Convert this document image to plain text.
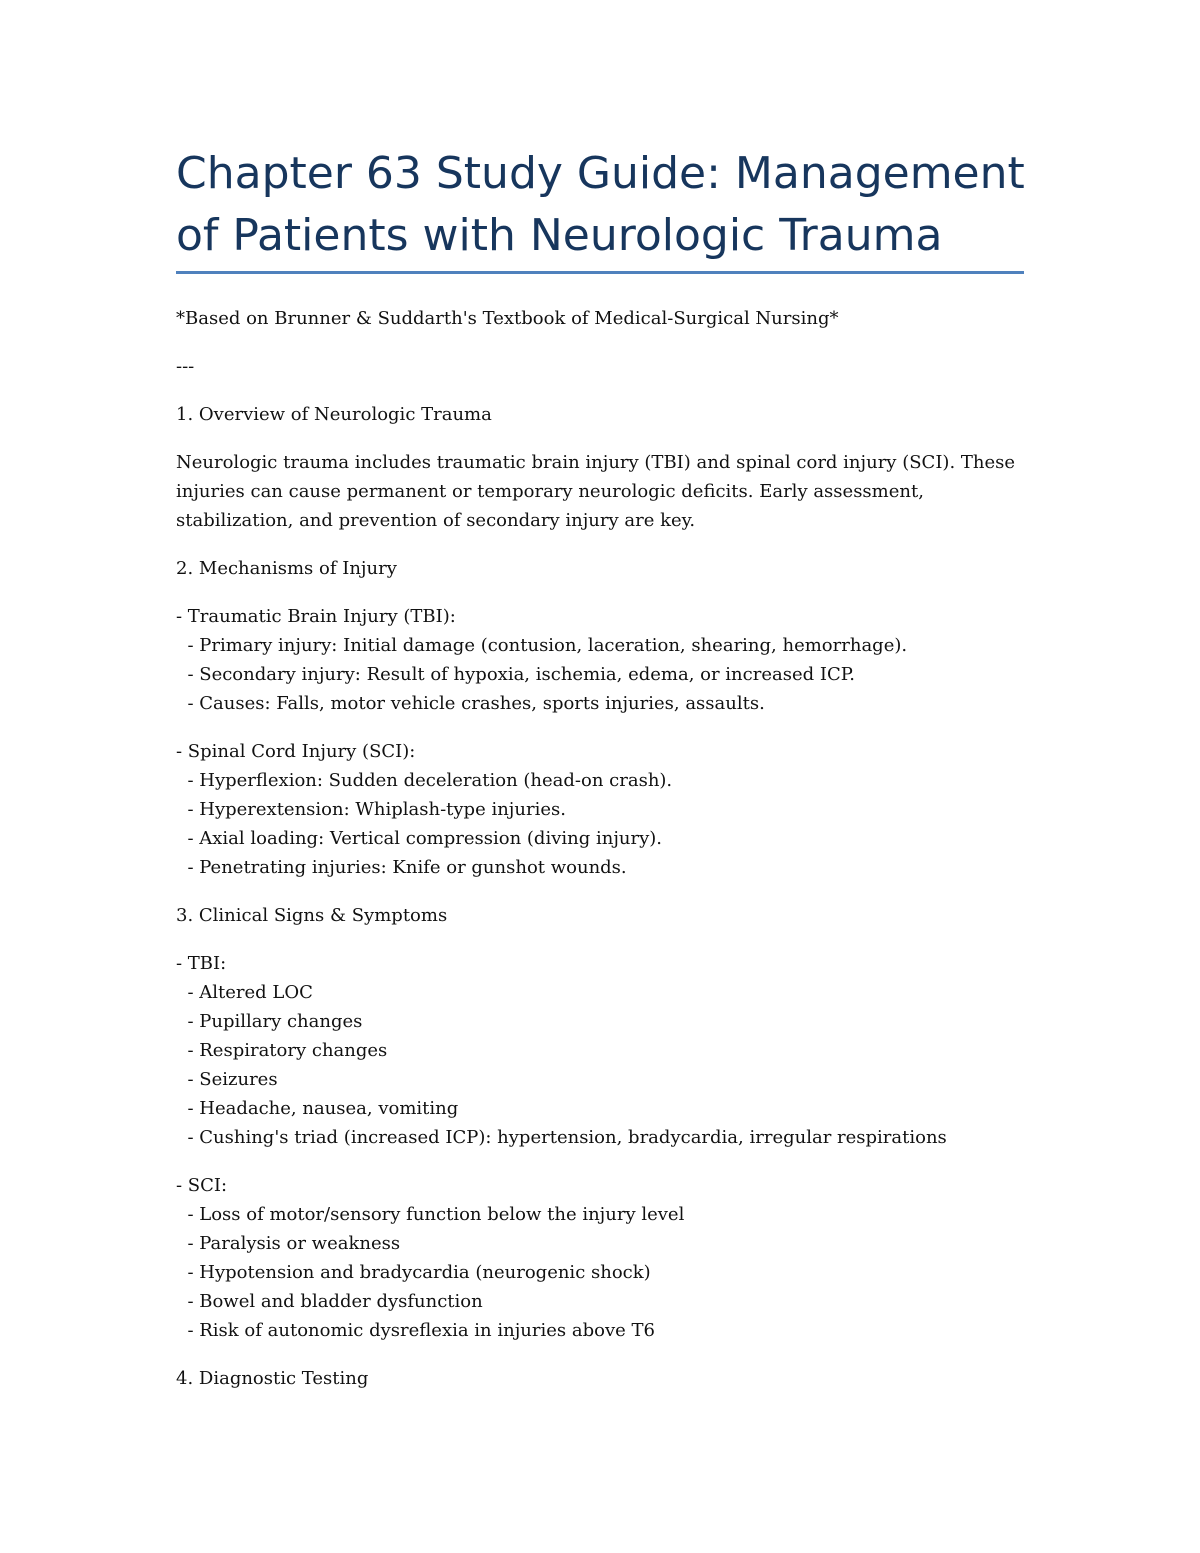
Chapter 63 Study Guide: Management of Patients with Neurologic Trauma

*Based on Brunner & Suddarth's Textbook of Medical-Surgical Nursing*

---

1. Overview of Neurologic Trauma

Neurologic trauma includes traumatic brain injury (TBI) and spinal cord injury (SCI). These
injuries can cause permanent or temporary neurologic deficits. Early assessment,
stabilization, and prevention of secondary injury are key.

2. Mechanisms of Injury

- Traumatic Brain Injury (TBI):
- Primary injury: Initial damage (contusion, laceration, shearing, hemorrhage).
- Secondary injury: Result of hypoxia, ischemia, edema, or increased ICP.
- Causes: Falls, motor vehicle crashes, sports injuries, assaults.

- Spinal Cord Injury (SCI):
- Hyperflexion: Sudden deceleration (head-on crash).
- Hyperextension: Whiplash-type injuries.
- Axial loading: Vertical compression (diving injury).
- Penetrating injuries: Knife or gunshot wounds.

3. Clinical Signs & Symptoms

- TBI:
- Altered LOC
- Pupillary changes
- Respiratory changes
- Seizures
- Headache, nausea, vomiting
- Cushing's triad (increased ICP): hypertension, bradycardia, irregular respirations

- SCI:
- Loss of motor/sensory function below the injury level
- Paralysis or weakness
- Hypotension and bradycardia (neurogenic shock)
- Bowel and bladder dysfunction
- Risk of autonomic dysreflexia in injuries above T6

4. Diagnostic Testing
